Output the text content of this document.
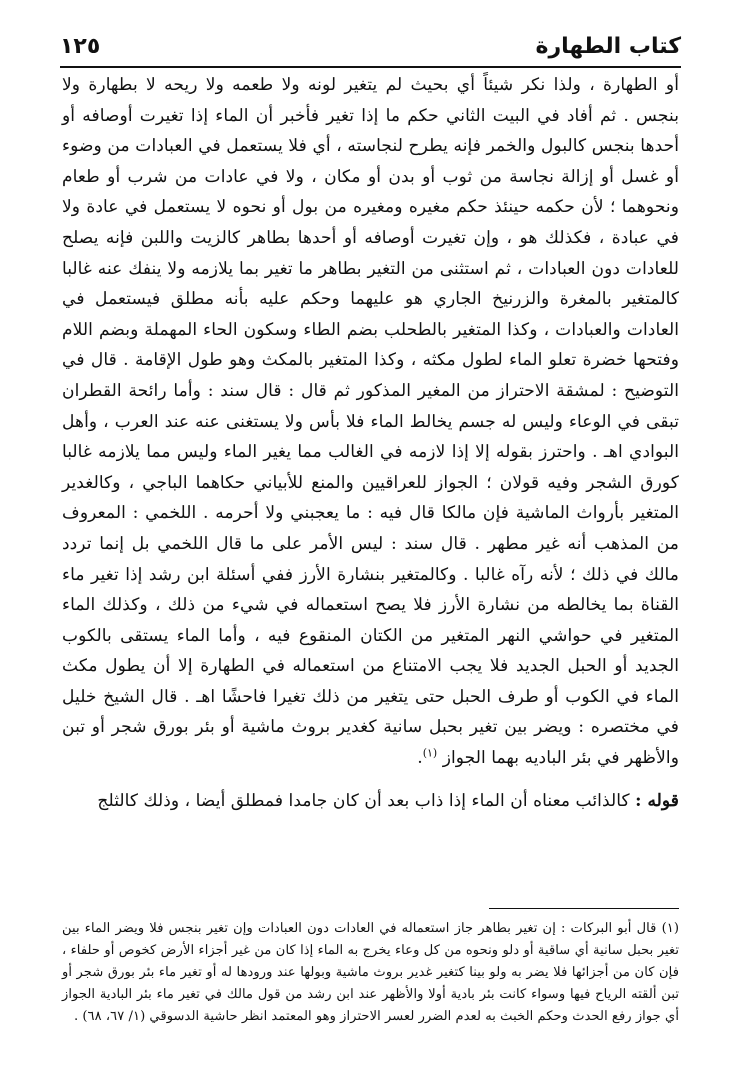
كتاب الطهارة
١٢٥

أو الطهارة ، ولذا نكر شيئاً أي بحيث لم يتغير لونه ولا طعمه ولا ريحه لا بطهارة ولا بنجس . ثم أفاد في البيت الثاني حكم ما إذا تغير فأخبر أن الماء إذا تغيرت أوصافه أو أحدها بنجس كالبول والخمر فإنه يطرح لنجاسته ، أي فلا يستعمل في العبادات من وضوء أو غسل أو إزالة نجاسة من ثوب أو بدن أو مكان ، ولا في عادات من شرب أو طعام ونحوهما ؛ لأن حكمه حينئذ حكم مغيره ومغيره من بول أو نحوه لا يستعمل في عادة ولا في عبادة ، فكذلك هو ، وإن تغيرت أوصافه أو أحدها بطاهر كالزيت واللبن فإنه يصلح للعادات دون العبادات ، ثم استثنى من التغير بطاهر ما تغير بما يلازمه ولا ينفك عنه غالبا كالمتغير بالمغرة والزرنيخ الجاري هو عليهما وحكم عليه بأنه مطلق فيستعمل في العادات والعبادات ، وكذا المتغير بالطحلب بضم الطاء وسكون الحاء المهملة وبضم اللام وفتحها خضرة تعلو الماء لطول مكثه ، وكذا المتغير بالمكث وهو طول الإقامة . قال في التوضيح : لمشقة الاحتراز من المغير المذكور ثم قال : قال سند : وأما رائحة القطران تبقى في الوعاء وليس له جسم يخالط الماء فلا بأس ولا يستغنى عنه عند العرب ، وأهل البوادي اهـ . واحترز بقوله إلا إذا لازمه في الغالب مما يغير الماء وليس مما يلازمه غالبا كورق الشجر وفيه قولان ؛ الجواز للعراقيين والمنع للأبياني حكاهما الباجي ، وكالغدير المتغير بأرواث الماشية فإن مالكا قال فيه : ما يعجبني ولا أحرمه . اللخمي : المعروف من المذهب أنه غير مطهر . قال سند : ليس الأمر على ما قال اللخمي بل إنما تردد مالك في ذلك ؛ لأنه رآه غالبا . وكالمتغير بنشارة الأرز ففي أسئلة ابن رشد إذا تغير ماء القناة بما يخالطه من نشارة الأرز فلا يصح استعماله في شيء من ذلك ، وكذلك الماء المتغير في حواشي النهر المتغير من الكتان المنقوع فيه ، وأما الماء يستقى بالكوب الجديد أو الحبل الجديد فلا يجب الامتناع من استعماله في الطهارة إلا أن يطول مكث الماء في الكوب أو طرف الحبل حتى يتغير من ذلك تغيرا فاحشًا اهـ . قال الشيخ خليل في مختصره : ويضر بين تغير بحبل سانية كغدير بروث ماشية أو بئر بورق شجر أو تبن والأظهر في بئر الباديه بهما الجواز $^{(١)}$.

قوله : كالذائب معناه أن الماء إذا ذاب بعد أن كان جامدا فمطلق أيضا ، وذلك كالثلج

(١) قال أبو البركات : إن تغير بطاهر جاز استعماله في العادات دون العبادات وإن تغير بنجس فلا ويضر الماء بين تغير بحبل سانية أي ساقية أو دلو ونحوه من كل وعاء يخرج به الماء إذا كان من غير أجزاء الأرض كخوص أو حلفاء ، فإن كان من أجزائها فلا يضر به ولو بينا كتغير غدير بروث ماشية وبولها عند ورودها له أو تغير ماء بئر بورق شجر أو تبن ألقته الرياح فيها وسواء كانت بئر بادية أولا والأظهر عند ابن رشد من قول مالك في تغير ماء بئر البادية الجواز أي جواز رفع الحدث وحكم الخبث به لعدم الضرر لعسر الاحتراز وهو المعتمد انظر حاشية الدسوقي (١/ ٦٧، ٦٨) .
